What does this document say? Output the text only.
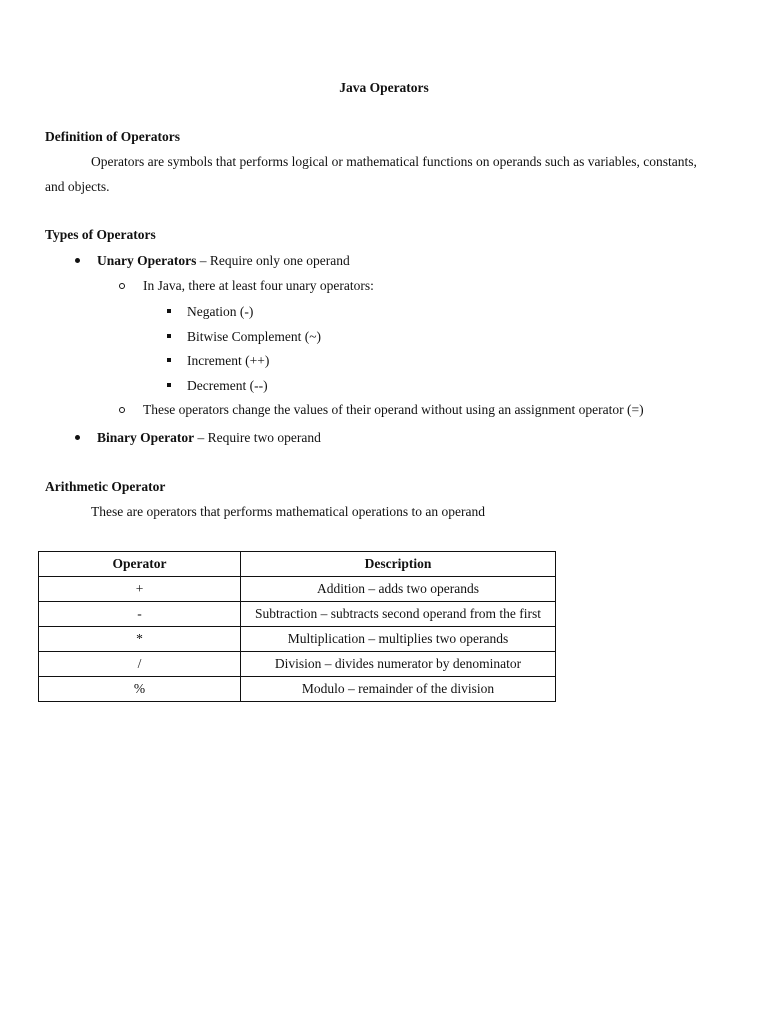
Java Operators
Definition of Operators
Operators are symbols that performs logical or mathematical functions on operands such as variables, constants,
and objects.
Types of Operators
Unary Operators – Require only one operand
In Java, there at least four unary operators:
Negation (-)
Bitwise Complement (~)
Increment (++)
Decrement (--)
These operators change the values of their operand without using an assignment operator (=)
Binary Operator – Require two operand
Arithmetic Operator
These are operators that performs mathematical operations to an operand
Operator	Description
+	Addition – adds two operands
-	Subtraction – subtracts second operand from the first
*	Multiplication – multiplies two operands
/	Division – divides numerator by denominator
%	Modulo – remainder of the division
